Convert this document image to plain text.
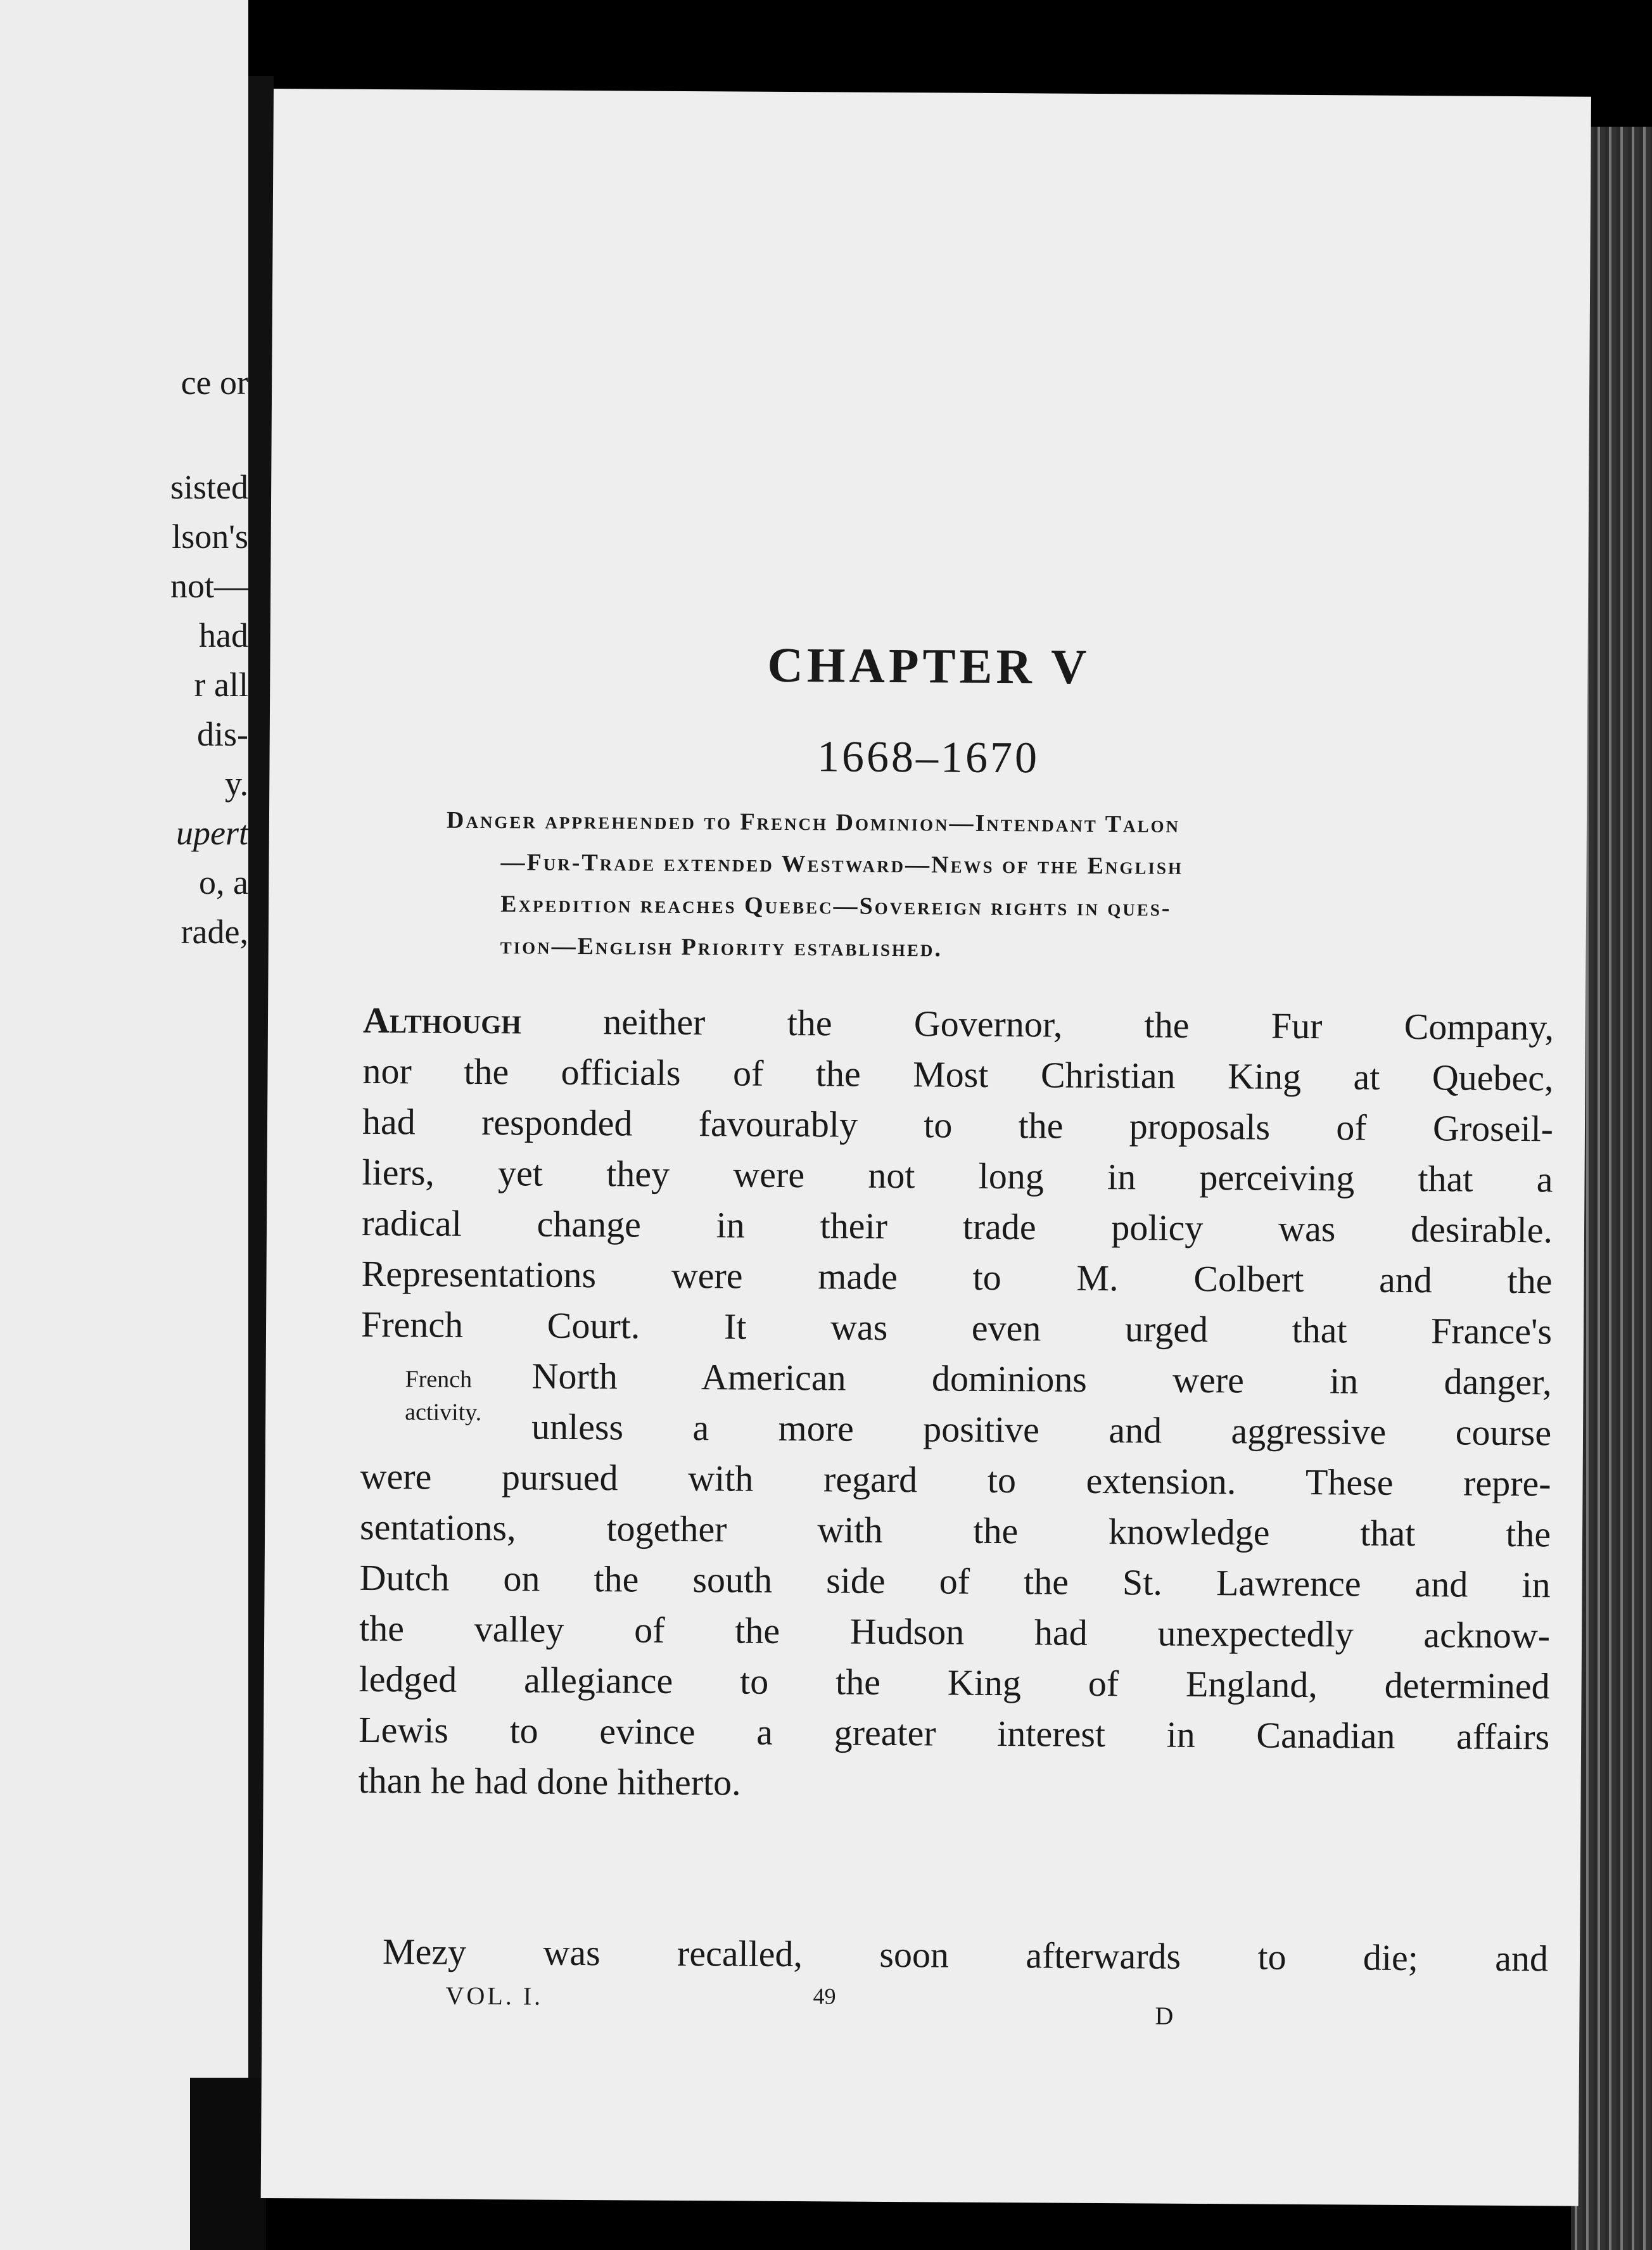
ce or
sisted
lson's
not—
had
r all
dis-
y.
upert
o, a
rade,
CHAPTER V
1668–1670
Danger apprehended to French Dominion—Intendant Talon
—Fur-Trade extended Westward—News of the English
Expedition reaches Quebec—Sovereign rights in ques-
tion—English Priority established.
Although neither the Governor, the Fur Company,
nor the officials of the Most Christian King at Quebec,
had responded favourably to the proposals of Groseil-
liers, yet they were not long in perceiving that a
radical change in their trade policy was desirable.
Representations were made to M. Colbert and the
French Court. It was even urged that France's
North American dominions were in danger,
unless a more positive and aggressive course
were pursued with regard to extension. These repre-
sentations, together with the knowledge that the
Dutch on the south side of the St. Lawrence and in
the valley of the Hudson had unexpectedly acknow-
ledged allegiance to the King of England, determined
Lewis to evince a greater interest in Canadian affairs
than he had done hitherto.
French
activity.
Mezy was recalled, soon afterwards to die; and
VOL. I.	49
D
